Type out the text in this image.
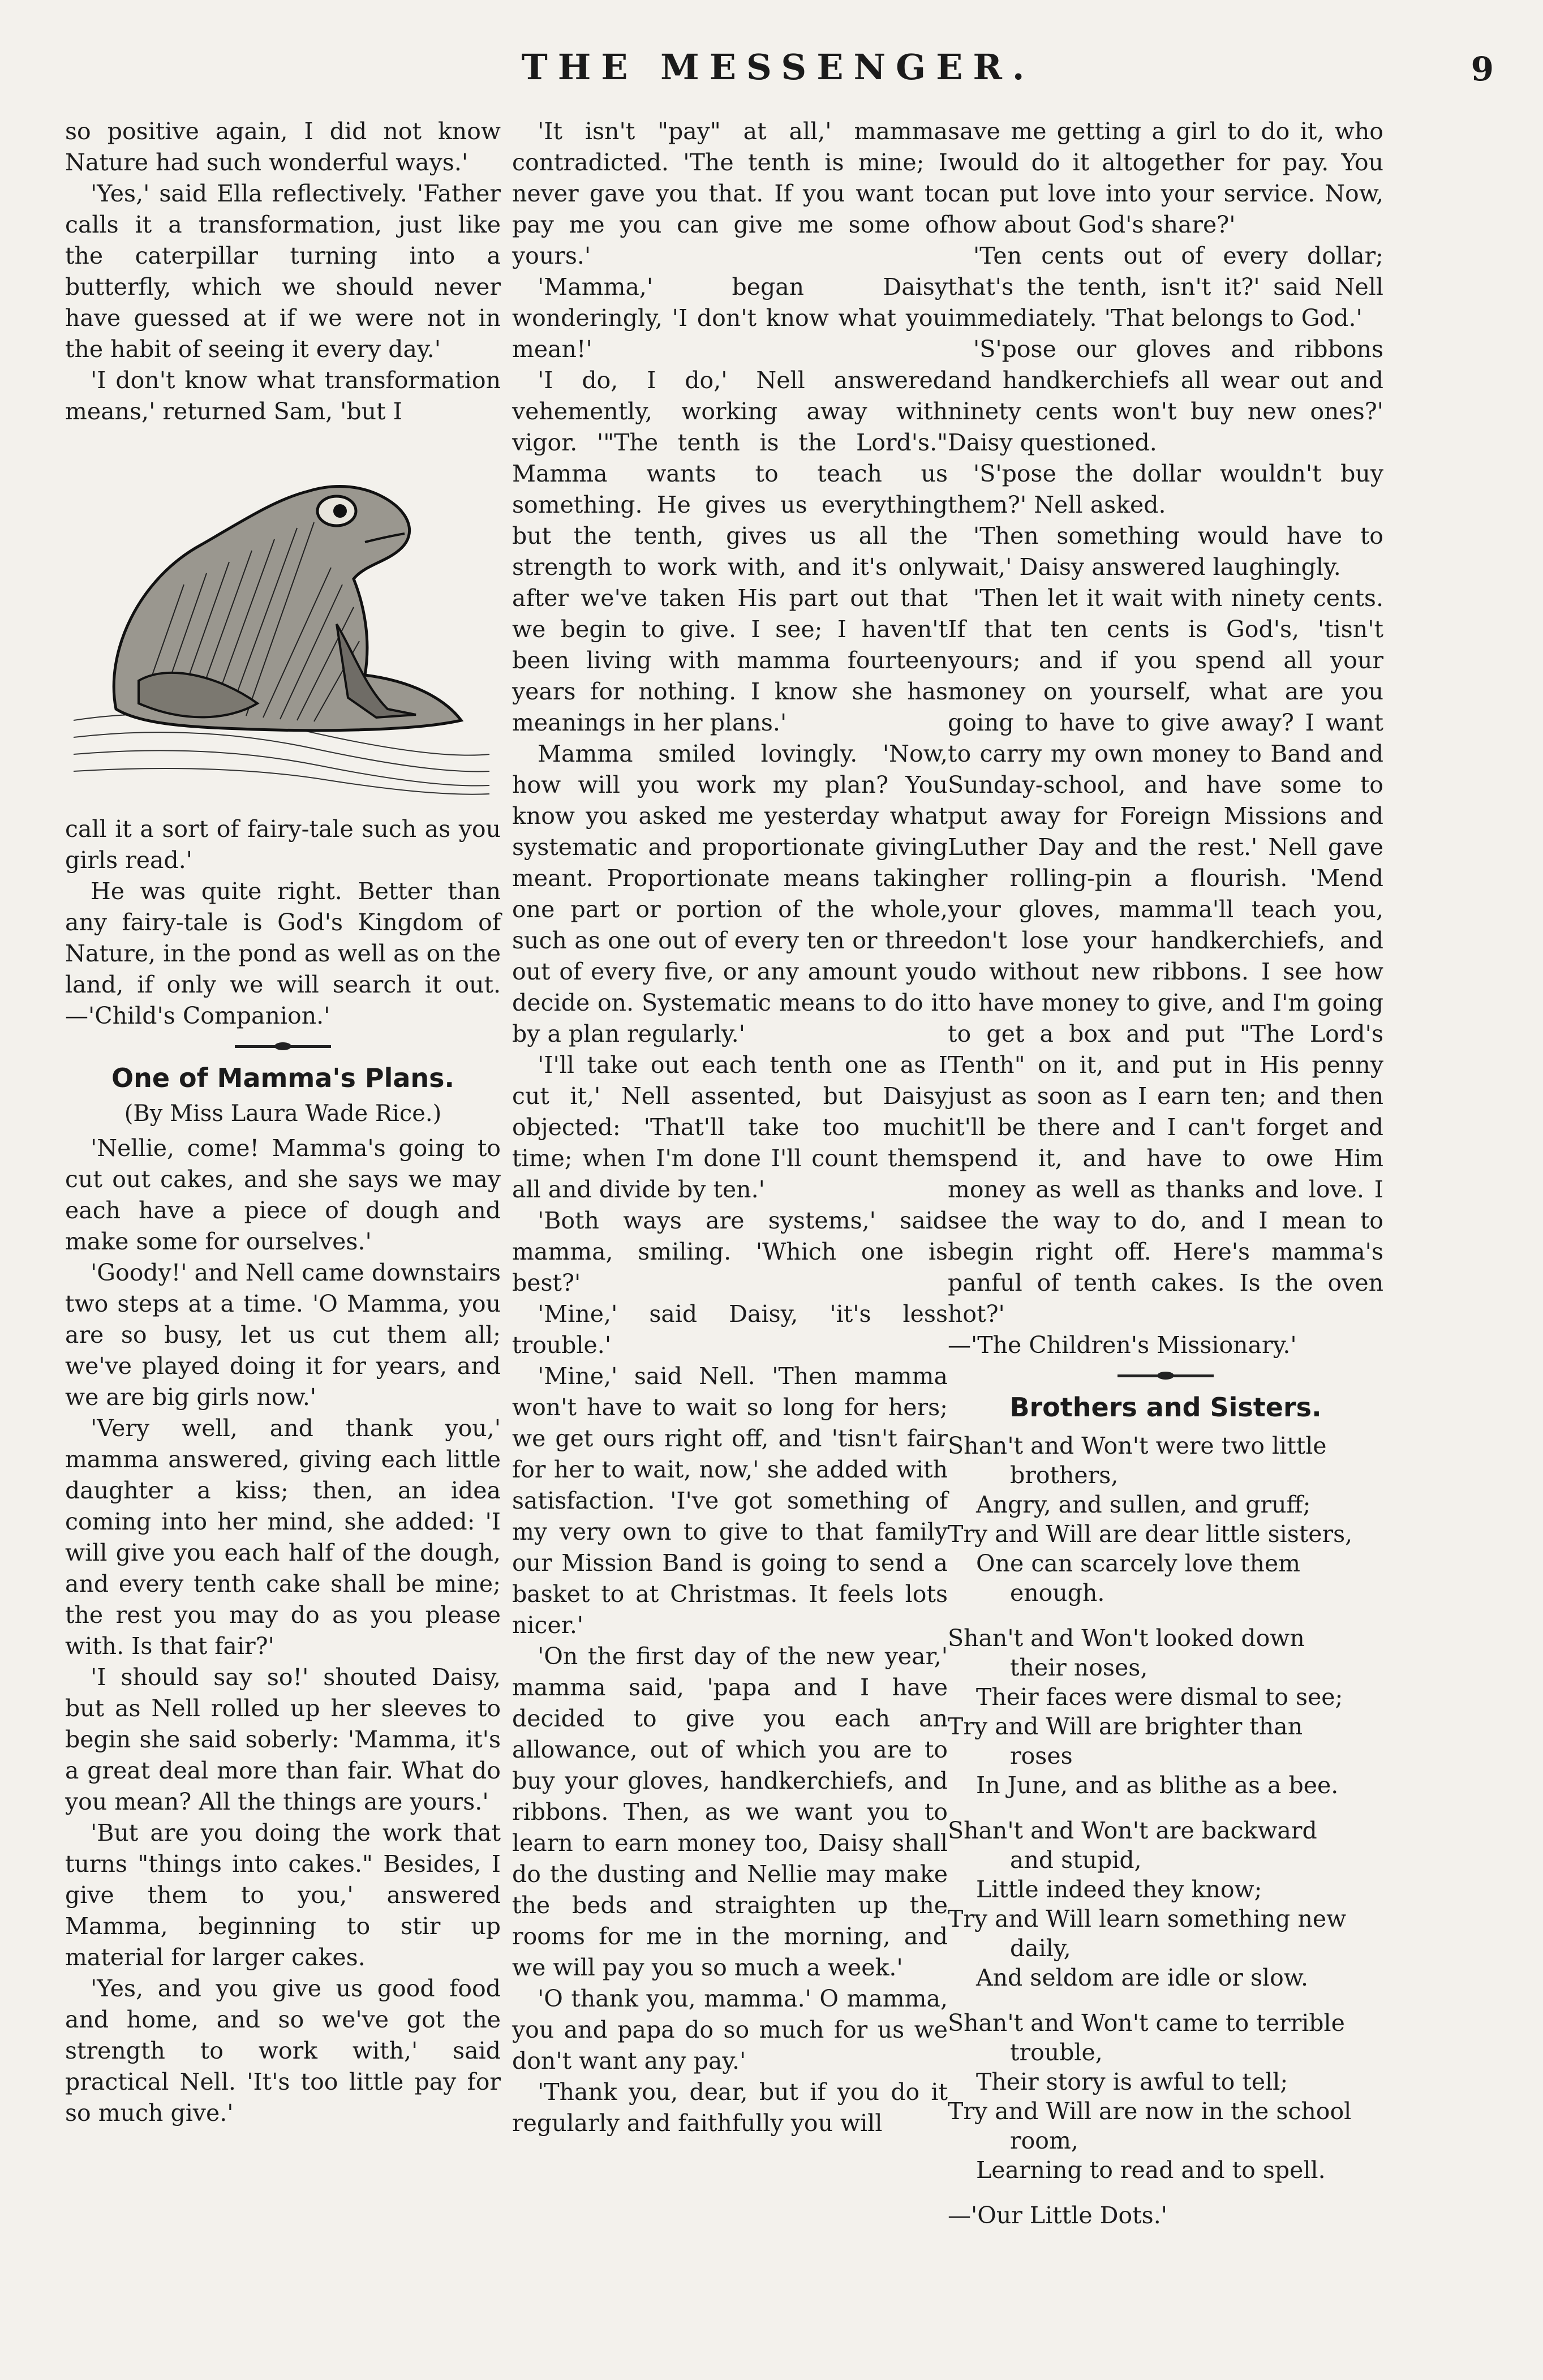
THE MESSENGER.	9

so positive again, I did not know Nature had such wonderful ways.'

'Yes,' said Ella reflectively. 'Father calls it a transformation, just like the caterpillar turning into a butterfly, which we should never have guessed at if we were not in the habit of seeing it every day.'

'I don't know what transformation means,' returned Sam, 'but I

call it a sort of fairy-tale such as you girls read.'

He was quite right. Better than any fairy-tale is God's Kingdom of Nature, in the pond as well as on the land, if only we will search it out.—'Child's Companion.'

One of Mamma's Plans.
(By Miss Laura Wade Rice.)

'Nellie, come! Mamma's going to cut out cakes, and she says we may each have a piece of dough and make some for ourselves.'

'Goody!' and Nell came downstairs two steps at a time. 'O Mamma, you are so busy, let us cut them all; we've played doing it for years, and we are big girls now.'

'Very well, and thank you,' mamma answered, giving each little daughter a kiss; then, an idea coming into her mind, she added: 'I will give you each half of the dough, and every tenth cake shall be mine; the rest you may do as you please with. Is that fair?'

'I should say so!' shouted Daisy, but as Nell rolled up her sleeves to begin she said soberly: 'Mamma, it's a great deal more than fair. What do you mean? All the things are yours.'

'But are you doing the work that turns "things into cakes." Besides, I give them to you,' answered Mamma, beginning to stir up material for larger cakes.

'Yes, and you give us good food and home, and so we've got the strength to work with,' said practical Nell. 'It's too little pay for so much give.'

'It isn't "pay" at all,' mamma contradicted. 'The tenth is mine; I never gave you that. If you want to pay me you can give me some of yours.'

'Mamma,' began Daisy wonderingly, 'I don't know what you mean!'

'I do, I do,' Nell answered vehemently, working away with vigor. '"The tenth is the Lord's." Mamma wants to teach us something. He gives us everything but the tenth, gives us all the strength to work with, and it's only after we've taken His part out that we begin to give. I see; I haven't been living with mamma fourteen years for nothing. I know she has meanings in her plans.'

Mamma smiled lovingly. 'Now, how will you work my plan? You know you asked me yesterday what systematic and proportionate giving meant. Proportionate means taking one part or portion of the whole, such as one out of every ten or three out of every five, or any amount you decide on. Systematic means to do it by a plan regularly.'

'I'll take out each tenth one as I cut it,' Nell assented, but Daisy objected: 'That'll take too much time; when I'm done I'll count them all and divide by ten.'

'Both ways are systems,' said mamma, smiling. 'Which one is best?'

'Mine,' said Daisy, 'it's less trouble.'

'Mine,' said Nell. 'Then mamma won't have to wait so long for hers; we get ours right off, and 'tisn't fair for her to wait, now,' she added with satisfaction. 'I've got something of my very own to give to that family our Mission Band is going to send a basket to at Christmas. It feels lots nicer.'

'On the first day of the new year,' mamma said, 'papa and I have decided to give you each an allowance, out of which you are to buy your gloves, handkerchiefs, and ribbons. Then, as we want you to learn to earn money too, Daisy shall do the dusting and Nellie may make the beds and straighten up the rooms for me in the morning, and we will pay you so much a week.'

'O thank you, mamma.' O mamma, you and papa do so much for us we don't want any pay.'

'Thank you, dear, but if you do it regularly and faithfully you will

save me getting a girl to do it, who would do it altogether for pay. You can put love into your service. Now, how about God's share?'

'Ten cents out of every dollar; that's the tenth, isn't it?' said Nell immediately. 'That belongs to God.'

'S'pose our gloves and ribbons and handkerchiefs all wear out and ninety cents won't buy new ones?' Daisy questioned.

'S'pose the dollar wouldn't buy them?' Nell asked.

'Then something would have to wait,' Daisy answered laughingly.

'Then let it wait with ninety cents. If that ten cents is God's, 'tisn't yours; and if you spend all your money on yourself, what are you going to have to give away? I want to carry my own money to Band and Sunday-school, and have some to put away for Foreign Missions and Luther Day and the rest.' Nell gave her rolling-pin a flourish. 'Mend your gloves, mamma'll teach you, don't lose your handkerchiefs, and do without new ribbons. I see how to have money to give, and I'm going to get a box and put "The Lord's Tenth" on it, and put in His penny just as soon as I earn ten; and then it'll be there and I can't forget and spend it, and have to owe Him money as well as thanks and love. I see the way to do, and I mean to begin right off. Here's mamma's panful of tenth cakes. Is the oven hot?'

—'The Children's Missionary.'

Brothers and Sisters.
Shan't and Won't were two little
brothers,
Angry, and sullen, and gruff;
Try and Will are dear little sisters,
One can scarcely love them
enough.
Shan't and Won't looked down
their noses,
Their faces were dismal to see;
Try and Will are brighter than
roses
In June, and as blithe as a bee.
Shan't and Won't are backward
and stupid,
Little indeed they know;
Try and Will learn something new
daily,
And seldom are idle or slow.
Shan't and Won't came to terrible
trouble,
Their story is awful to tell;
Try and Will are now in the school
room,
Learning to read and to spell.
—'Our Little Dots.'
